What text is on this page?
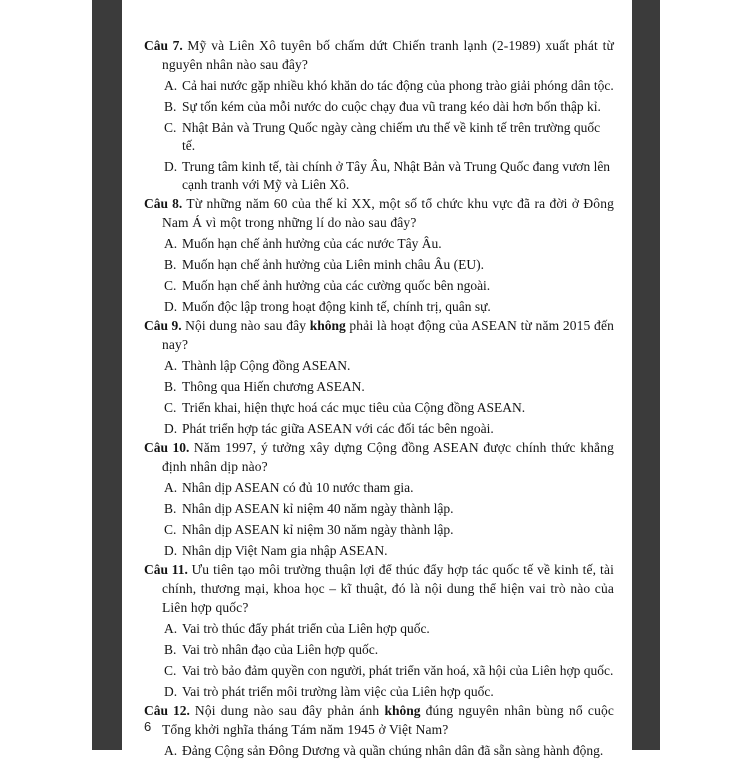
Câu 7. Mỹ và Liên Xô tuyên bố chấm dứt Chiến tranh lạnh (2-1989) xuất phát từ nguyên nhân nào sau đây?
A. Cả hai nước gặp nhiều khó khăn do tác động của phong trào giải phóng dân tộc.
B. Sự tốn kém của mỗi nước do cuộc chạy đua vũ trang kéo dài hơn bốn thập kỉ.
C. Nhật Bản và Trung Quốc ngày càng chiếm ưu thế về kinh tế trên trường quốc tế.
D. Trung tâm kinh tế, tài chính ở Tây Âu, Nhật Bản và Trung Quốc đang vươn lên cạnh tranh với Mỹ và Liên Xô.
Câu 8. Từ những năm 60 của thế kỉ XX, một số tổ chức khu vực đã ra đời ở Đông Nam Á vì một trong những lí do nào sau đây?
A. Muốn hạn chế ảnh hưởng của các nước Tây Âu.
B. Muốn hạn chế ảnh hưởng của Liên minh châu Âu (EU).
C. Muốn hạn chế ảnh hưởng của các cường quốc bên ngoài.
D. Muốn độc lập trong hoạt động kinh tế, chính trị, quân sự.
Câu 9. Nội dung nào sau đây không phải là hoạt động của ASEAN từ năm 2015 đến nay?
A. Thành lập Cộng đồng ASEAN.
B. Thông qua Hiến chương ASEAN.
C. Triển khai, hiện thực hoá các mục tiêu của Cộng đồng ASEAN.
D. Phát triển hợp tác giữa ASEAN với các đối tác bên ngoài.
Câu 10. Năm 1997, ý tưởng xây dựng Cộng đồng ASEAN được chính thức khẳng định nhân dịp nào?
A. Nhân dịp ASEAN có đủ 10 nước tham gia.
B. Nhân dịp ASEAN kỉ niệm 40 năm ngày thành lập.
C. Nhân dịp ASEAN kỉ niệm 30 năm ngày thành lập.
D. Nhân dịp Việt Nam gia nhập ASEAN.
Câu 11. Ưu tiên tạo môi trường thuận lợi để thúc đẩy hợp tác quốc tế về kinh tế, tài chính, thương mại, khoa học – kĩ thuật, đó là nội dung thể hiện vai trò nào của Liên hợp quốc?
A. Vai trò thúc đẩy phát triển của Liên hợp quốc.
B. Vai trò nhân đạo của Liên hợp quốc.
C. Vai trò bảo đảm quyền con người, phát triển văn hoá, xã hội của Liên hợp quốc.
D. Vai trò phát triển môi trường làm việc của Liên hợp quốc.
Câu 12. Nội dung nào sau đây phản ánh không đúng nguyên nhân bùng nổ cuộc Tổng khởi nghĩa tháng Tám năm 1945 ở Việt Nam?
A. Đảng Cộng sản Đông Dương và quần chúng nhân dân đã sẵn sàng hành động.
6
